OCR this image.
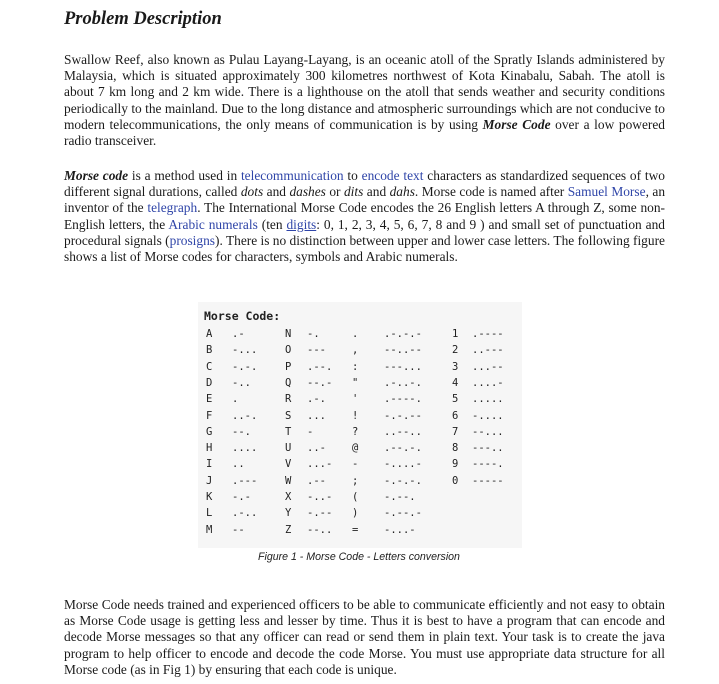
Problem Description

Swallow Reef, also known as Pulau Layang-Layang, is an oceanic atoll of the Spratly Islands administered by Malaysia, which is situated approximately 300 kilometres northwest of Kota Kinabalu, Sabah. The atoll is about 7 km long and 2 km wide. There is a lighthouse on the atoll that sends weather and security conditions periodically to the mainland. Due to the long distance and atmospheric surroundings which are not conducive to modern telecommunications, the only means of communication is by using Morse Code over a low powered radio transceiver.

Morse code is a method used in telecommunication to encode text characters as standardized sequences of two different signal durations, called dots and dashes or dits and dahs. Morse code is named after Samuel Morse, an inventor of the telegraph. The International Morse Code encodes the 26 English letters A through Z, some non-English letters, the Arabic numerals (ten digits: 0, 1, 2, 3, 4, 5, 6, 7, 8 and 9 ) and small set of punctuation and procedural signals (prosigns). There is no distinction between upper and lower case letters. The following figure shows a list of Morse codes for characters, symbols and Arabic numerals.

Morse Code:
A .-
B -...
C -.-.
D -..
E .
F ..-.
G --.
H ....
I ..
J .---
K -.-
L .-..
M --
N -.
O ---
P .--.
Q --.-
R .-.
S ...
T -
U ..-
V ...-
W .--
X -..-
Y -.--
Z --..
. .-.-.-
, --..--
: ---...
" .-..-.
' .----.
! -.-.--
? ..--..
@ .--.-.
- -....-
; -.-.-.
( -.--.
) -.--.-
= -...-
1 .----
2 ..---
3 ...--
4 ....-
5 .....
6 -....
7 --...
8 ---..
9 ----.
0 -----
Figure 1 - Morse Code - Letters conversion

Morse Code needs trained and experienced officers to be able to communicate efficiently and not easy to obtain as Morse Code usage is getting less and lesser by time. Thus it is best to have a program that can encode and decode Morse messages so that any officer can read or send them in plain text. Your task is to create the java program to help officer to encode and decode the code Morse. You must use appropriate data structure for all Morse code (as in Fig 1) by ensuring that each code is unique.
